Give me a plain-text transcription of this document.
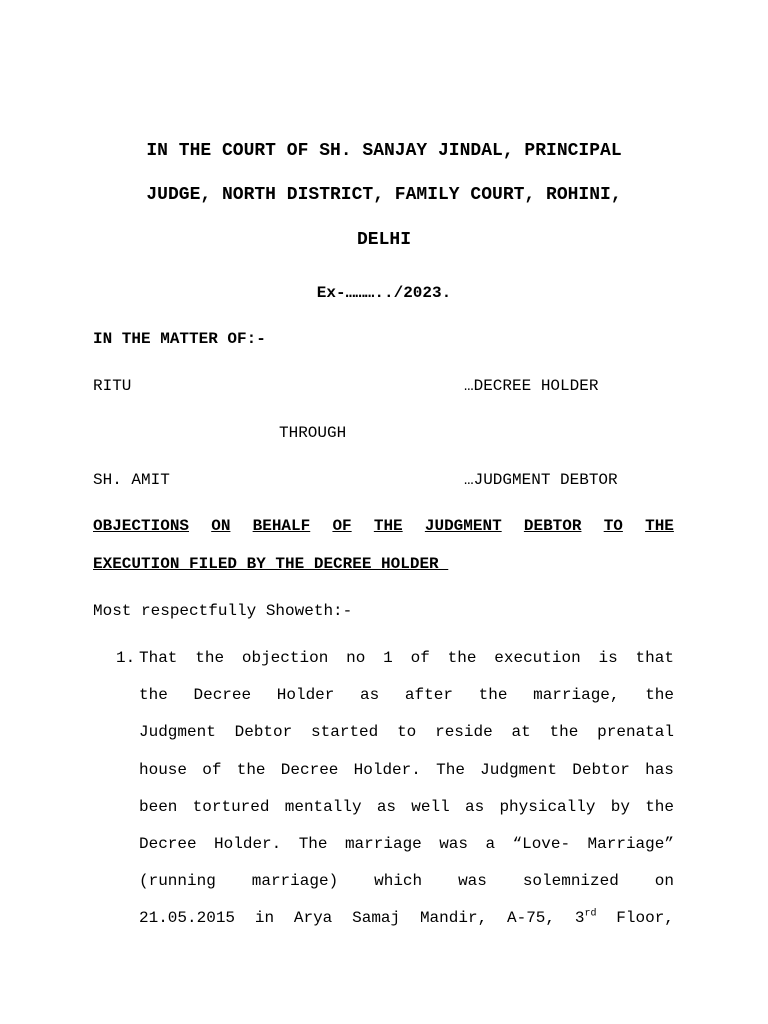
IN THE COURT OF SH. SANJAY JINDAL, PRINCIPAL
JUDGE, NORTH DISTRICT, FAMILY COURT, ROHINI,
DELHI
Ex-………../2023.
IN THE MATTER OF:-
RITU	…DECREE HOLDER
THROUGH
SH. AMIT	…JUDGMENT DEBTOR
OBJECTIONS ON BEHALF OF THE JUDGMENT DEBTOR TO THE
EXECUTION FILED BY THE DECREE HOLDER
Most respectfully Showeth:-
1. That the objection no 1 of the execution is that
the Decree Holder as after the marriage, the
Judgment Debtor started to reside at the prenatal
house of the Decree Holder. The Judgment Debtor has
been tortured mentally as well as physically by the
Decree Holder. The marriage was a “Love- Marriage”
(running marriage) which was solemnized on
21.05.2015 in Arya Samaj Mandir, A-75, 3rd Floor,
